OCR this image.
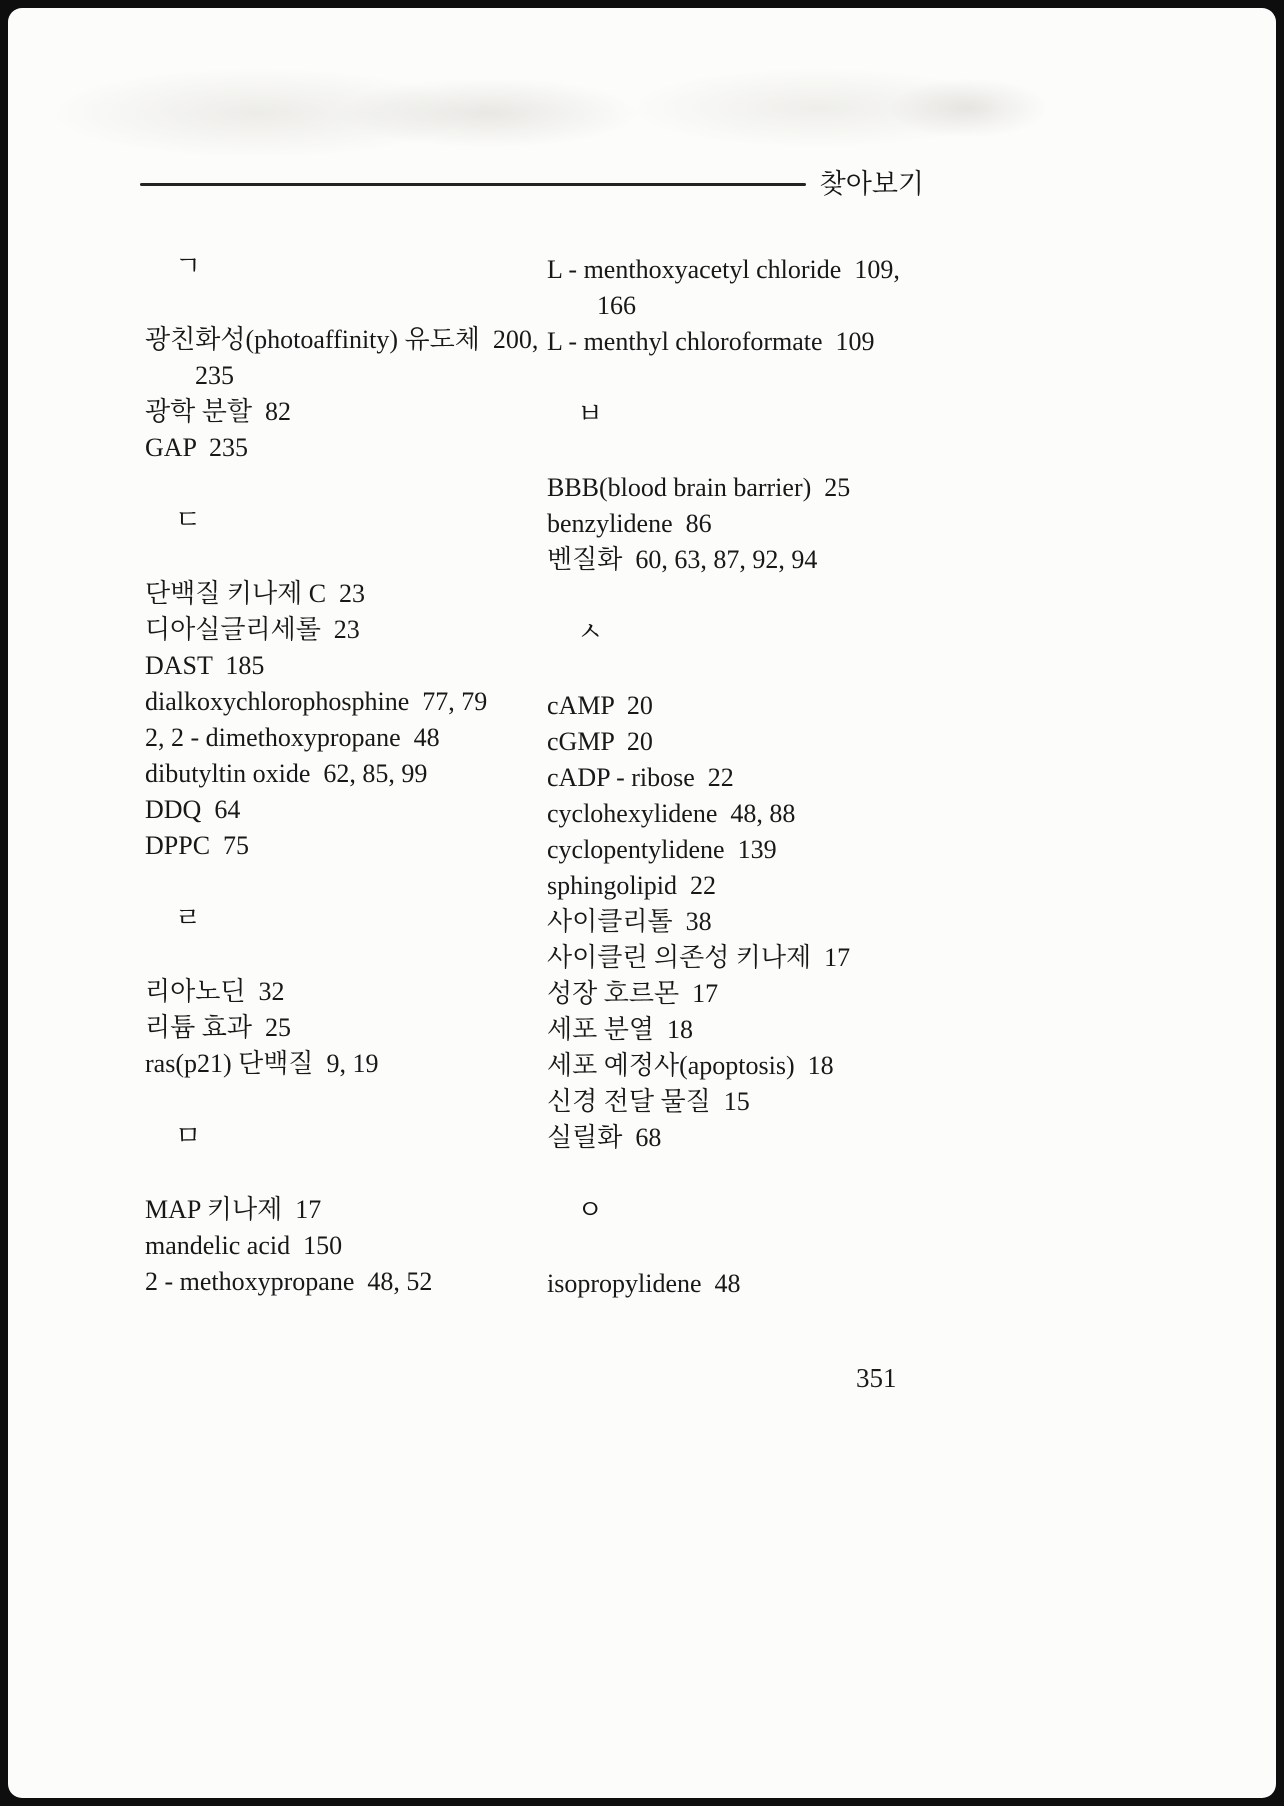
찾아보기
ㄱ
광친화성(photoaffinity) 유도체  200,
235
광학 분할  82
GAP  235
ㄷ
단백질 키나제 C  23
디아실글리세롤  23
DAST  185
dialkoxychlorophosphine  77, 79
2, 2 - dimethoxypropane  48
dibutyltin oxide  62, 85, 99
DDQ  64
DPPC  75
ㄹ
리아노딘  32
리튬 효과  25
ras(p21) 단백질  9, 19
ㅁ
MAP 키나제  17
mandelic acid  150
2 - methoxypropane  48, 52
L - menthoxyacetyl chloride  109,
166
L - menthyl chloroformate  109
ㅂ
BBB(blood brain barrier)  25
benzylidene  86
벤질화  60, 63, 87, 92, 94
ㅅ
cAMP  20
cGMP  20
cADP - ribose  22
cyclohexylidene  48, 88
cyclopentylidene  139
sphingolipid  22
사이클리톨  38
사이클린 의존성 키나제  17
성장 호르몬  17
세포 분열  18
세포 예정사(apoptosis)  18
신경 전달 물질  15
실릴화  68
ㅇ
isopropylidene  48
351
